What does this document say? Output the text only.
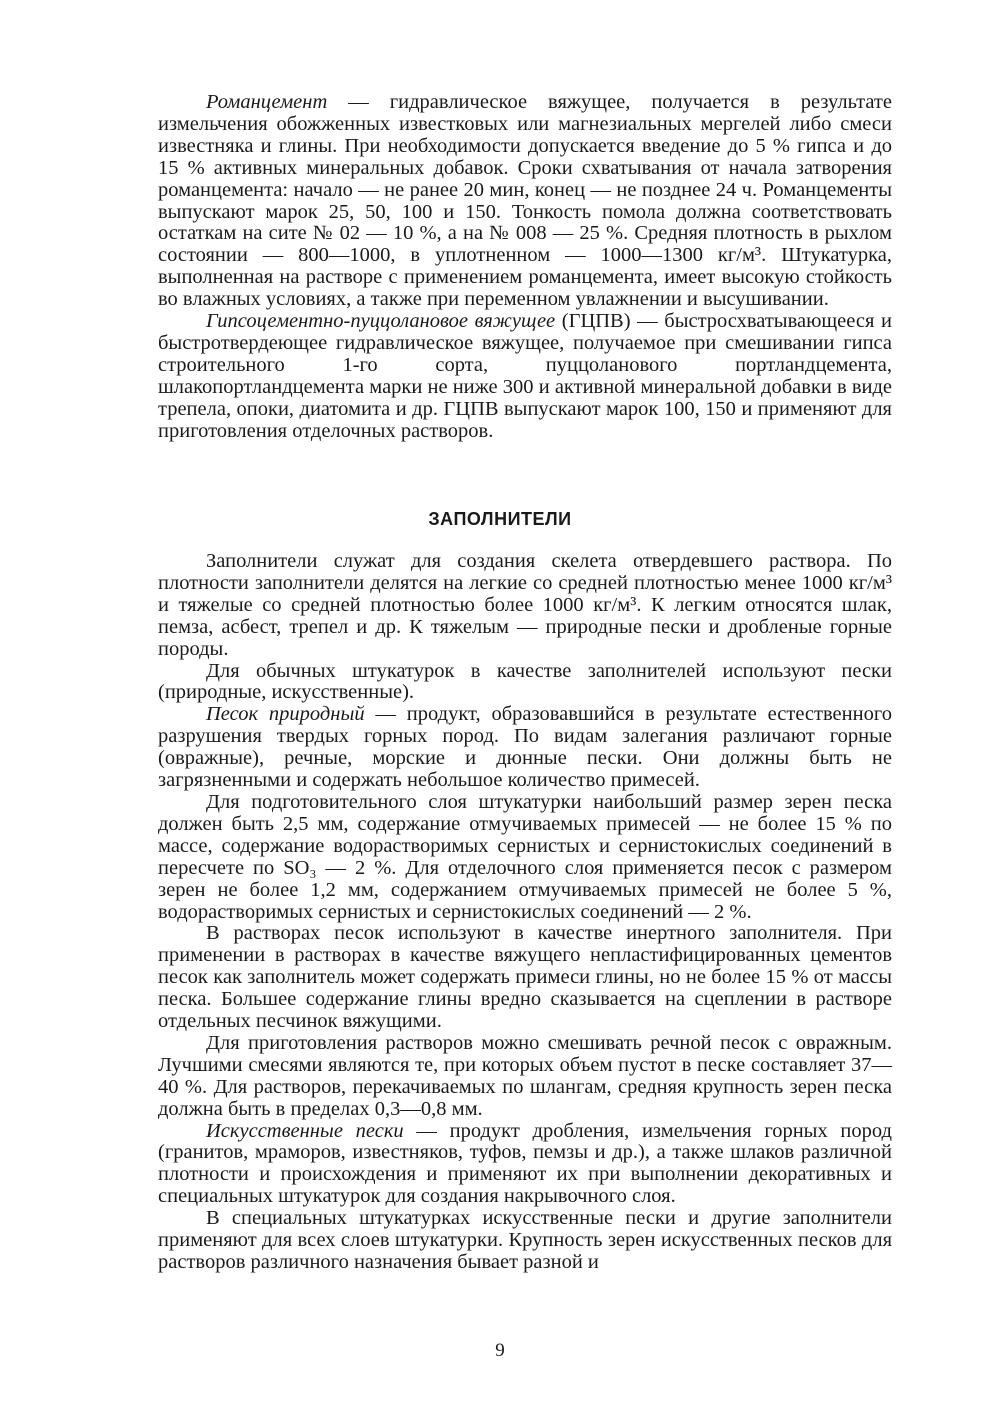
Романцемент — гидравлическое вяжущее, получается в результате измельчения обожженных известковых или магнезиальных мергелей либо смеси известняка и глины. При необходимости допускается введение до 5 % гипса и до 15 % активных минеральных добавок. Сроки схватывания от начала затворения романцемента: начало — не ранее 20 мин, конец — не позднее 24 ч. Романцементы выпускают марок 25, 50, 100 и 150. Тонкость помола должна соответствовать остаткам на сите № 02 — 10 %, а на № 008 — 25 %. Средняя плотность в рыхлом состоянии — 800—1000, в уплотненном — 1000—1300 кг/м³. Штукатурка, выполненная на растворе с применением романцемента, имеет высокую стойкость во влажных условиях, а также при переменном увлажнении и высушивании.

Гипсоцементно-пуццолановое вяжущее (ГЦПВ) — быстросхватывающееся и быстротвердеющее гидравлическое вяжущее, получаемое при смешивании гипса строительного 1-го сорта, пуццоланового портландцемента, шлакопортландцемента марки не ниже 300 и активной минеральной добавки в виде трепела, опоки, диатомита и др. ГЦПВ выпускают марок 100, 150 и применяют для приготовления отделочных растворов.

ЗАПОЛНИТЕЛИ

Заполнители служат для создания скелета отвердевшего раствора. По плотности заполнители делятся на легкие со средней плотностью менее 1000 кг/м³ и тяжелые со средней плотностью более 1000 кг/м³. К легким относятся шлак, пемза, асбест, трепел и др. К тяжелым — природные пески и дробленые горные породы.

Для обычных штукатурок в качестве заполнителей используют пески (природные, искусственные).

Песок природный — продукт, образовавшийся в результате естественного разрушения твердых горных пород. По видам залегания различают горные (овражные), речные, морские и дюнные пески. Они должны быть не загрязненными и содержать небольшое количество примесей.

Для подготовительного слоя штукатурки наибольший размер зерен песка должен быть 2,5 мм, содержание отмучиваемых примесей — не более 15 % по массе, содержание водорастворимых сернистых и сернистокислых соединений в пересчете по SO₃ — 2 %. Для отделочного слоя применяется песок с размером зерен не более 1,2 мм, содержанием отмучиваемых примесей не более 5 %, водорастворимых сернистых и сернистокислых соединений — 2 %.

В растворах песок используют в качестве инертного заполнителя. При применении в растворах в качестве вяжущего непластифицированных цементов песок как заполнитель может содержать примеси глины, но не более 15 % от массы песка. Большее содержание глины вредно сказывается на сцеплении в растворе отдельных песчинок вяжущими.

Для приготовления растворов можно смешивать речной песок с овражным. Лучшими смесями являются те, при которых объем пустот в песке составляет 37—40 %. Для растворов, перекачиваемых по шлангам, средняя крупность зерен песка должна быть в пределах 0,3—0,8 мм.

Искусственные пески — продукт дробления, измельчения горных пород (гранитов, мраморов, известняков, туфов, пемзы и др.), а также шлаков различной плотности и происхождения и применяют их при выполнении декоративных и специальных штукатурок для создания накрывочного слоя.

В специальных штукатурках искусственные пески и другие заполнители применяют для всех слоев штукатурки. Крупность зерен искусственных песков для растворов различного назначения бывает разной и

9
